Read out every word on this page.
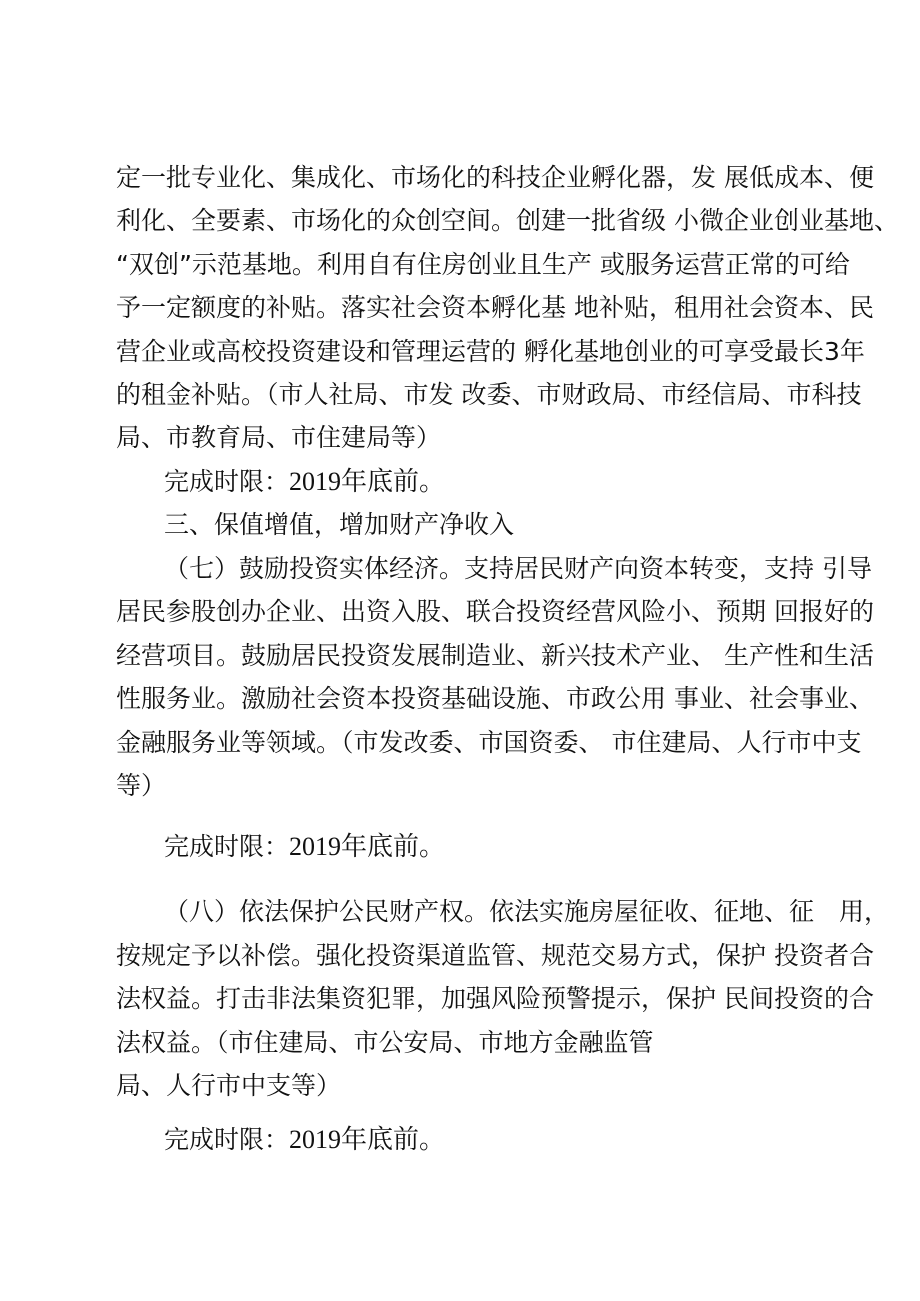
定一批专业化、集成化、市场化的科技企业孵化器，发 展低成本、便
利化、全要素、市场化的众创空间。创建一批省级 小微企业创业基地、
“双创”示范基地。利用自有住房创业且生产 或服务运营正常的可给
予一定额度的补贴。落实社会资本孵化基 地补贴，租用社会资本、民
营企业或高校投资建设和管理运营的 孵化基地创业的可享受最长3年
的租金补贴。（市人社局、市发 改委、市财政局、市经信局、市科技
局、市教育局、市住建局等）
完成时限：2019年底前。
三、保值增值，增加财产净收入
（七）鼓励投资实体经济。支持居民财产向资本转变，支持 引导
居民参股创办企业、出资入股、联合投资经营风险小、预期 回报好的
经营项目。鼓励居民投资发展制造业、新兴技术产业、 生产性和生活
性服务业。激励社会资本投资基础设施、市政公用 事业、社会事业、
金融服务业等领域。（市发改委、市国资委、 市住建局、人行市中支
等）
完成时限：2019年底前。
（八）依法保护公民财产权。依法实施房屋征收、征地、征　用，
按规定予以补偿。强化投资渠道监管、规范交易方式，保护 投资者合
法权益。打击非法集资犯罪，加强风险预警提示，保护 民间投资的合
法权益。（市住建局、市公安局、市地方金融监管
局、人行市中支等）
完成时限：2019年底前。
